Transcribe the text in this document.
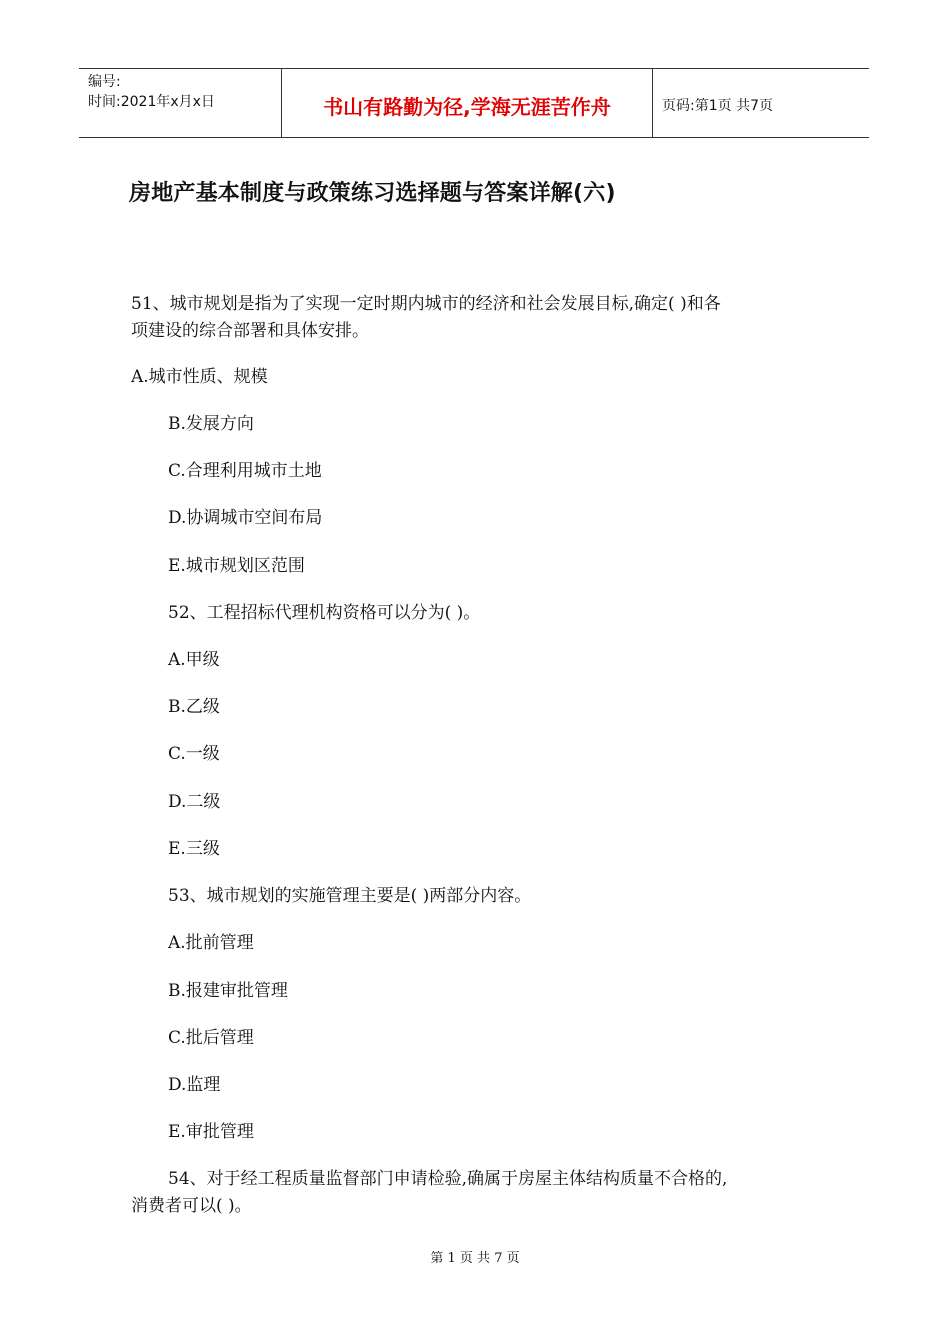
编号:
时间:2021年x月x日	书山有路勤为径,学海无涯苦作舟	页码:第1页 共7页
房地产基本制度与政策练习选择题与答案详解(六)
51、城市规划是指为了实现一定时期内城市的经济和社会发展目标,确定( )和各
项建设的综合部署和具体安排。
A.城市性质、规模
B.发展方向
C.合理利用城市土地
D.协调城市空间布局
E.城市规划区范围
52、工程招标代理机构资格可以分为( )。
A.甲级
B.乙级
C.一级
D.二级
E.三级
53、城市规划的实施管理主要是( )两部分内容。
A.批前管理
B.报建审批管理
C.批后管理
D.监理
E.审批管理
54、对于经工程质量监督部门申请检验,确属于房屋主体结构质量不合格的,
消费者可以( )。
第 1 页 共 7 页
